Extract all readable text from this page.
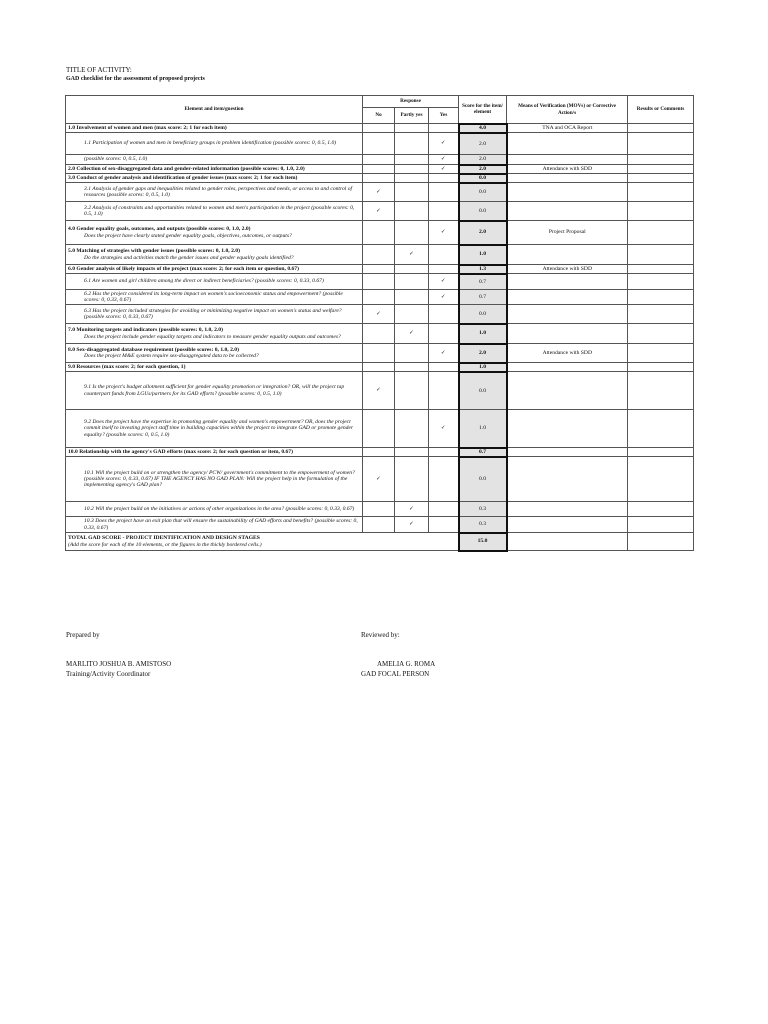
TITLE OF ACTIVITY:
GAD checklist for the assessment of proposed projects
Element and item/guestion	Response			Score for the item/ element	Means of Verification (MOVs) or Corrective Action/s	Results or Comments
	No	Partly yes	Yes			

1.0 Involvement of women and men (max score: 2; 1 for each item)				4.0	TNA and OCA Report	

1.1 Participation of women and men in beneficiary groups in problem identification (possible scores: 0, 0.5, 1.0)			✓	2.0		

(possible scores: 0, 0.5, 1.0)			✓	2.0		

2.0 Collection of sex-disaggregated data and gender-related information (possible scores: 0, 1.0, 2.0)			✓	2.0	Attendance with SDD	

3.0 Conduct of gender analysis and identification of gender issues (max score: 2; 1 for each item)				0.0		

3.1 Analysis of gender gaps and inequalities related to gender roles, perspectives and needs, or access to and control of resources (possible scores: 0, 0.5, 1.0)	✓			0.0		

3.2 Analysis of constraints and opportunities related to women and men's participation in the project (possible scores: 0, 0.5, 1.0)	✓			0.0		

4.0 Gender equality goals, outcomes, and outputs (possible scores: 0, 1.0, 2.0)
Does the project have clearly stated gender equality goals, objectives, outcomes, or outputs?			✓	2.0	Project Proposal	

5.0 Matching of strategies with gender issues (possible scores: 0, 1.0, 2.0)
Do the strategies and activities match the gender issues and gender equality goals identified?		✓		1.0		

6.0 Gender analysis of likely impacts of the project (max score: 2; for each item or question, 0.67)				1.3	Attendance with SDD	

6.1 Are women and girl children among the direct or indirect beneficiaries? (possible scores: 0, 0.33, 0.67)			✓	0.7		

6.2 Has the project considered its long-term impact on women's socioeconomic status and empowerment? (possible scores: 0, 0.33, 0.67)			✓	0.7		

6.3 Has the project included strategies for avoiding or minimizing negative impact on women's status and welfare? (possible scores: 0, 0.33, 0.67)	✓			0.0		

7.0 Monitoring targets and indicators (possible scores: 0, 1.0, 2.0)
Does the project include gender equality targets and indicators to measure gender equality outputs and outcomes?		✓		1.0		

8.0 Sex-disaggregated database requirement (possible scores: 0, 1.0, 2.0)
Does the project M&E system require sex-disaggregated data to be collected?			✓	2.0	Attendance with SDD	

9.0 Resources (max score: 2; for each question, 1)				1.0		

9.1 Is the project's budget allotment sufficient for gender equality promotion or integration? OR, will the project tap counterpart funds from LGUs/partners for its GAD efforts? (possible scores: 0, 0.5, 1.0)	✓			0.0		

9.2 Does the project have the expertise in promoting gender equality and women's empowerment? OR, does the project commit itself to investing project staff time in building capacities within the project to integrate GAD or promote gender equality? (possible scores: 0, 0.5, 1.0)			✓	1.0		

10.0 Relationship with the agency's GAD efforts (max score: 2; for each question or item, 0.67)				0.7		

10.1 Will the project build on or strengthen the agency/ PCW/ government's commitment to the empowerment of women? (possible scores: 0, 0.33, 0.67) IF THE AGENCY HAS NO GAD PLAN: Will the project help in the formulation of the implementing agency's GAD plan?	✓			0.0		

10.2 Will the project build on the initiatives or actions of other organizations in the area? (possible scores: 0, 0.33, 0.67)		✓		0.3		

10.3 Does the project have an exit plan that will ensure the sustainability of GAD efforts and benefits? (possible scores: 0, 0.33, 0.67)		✓		0.3		

TOTAL GAD SCORE - PROJECT IDENTIFICATION AND DESIGN STAGES
(Add the score for each of the 10 elements, or the figures in the thickly bordered cells.)				15.0		
Prepared by	Reviewed by:
MARLITO JOSHUA B. AMISTOSO
Training/Activity Coordinator
AMELIA G. ROMA
GAD FOCAL PERSON
